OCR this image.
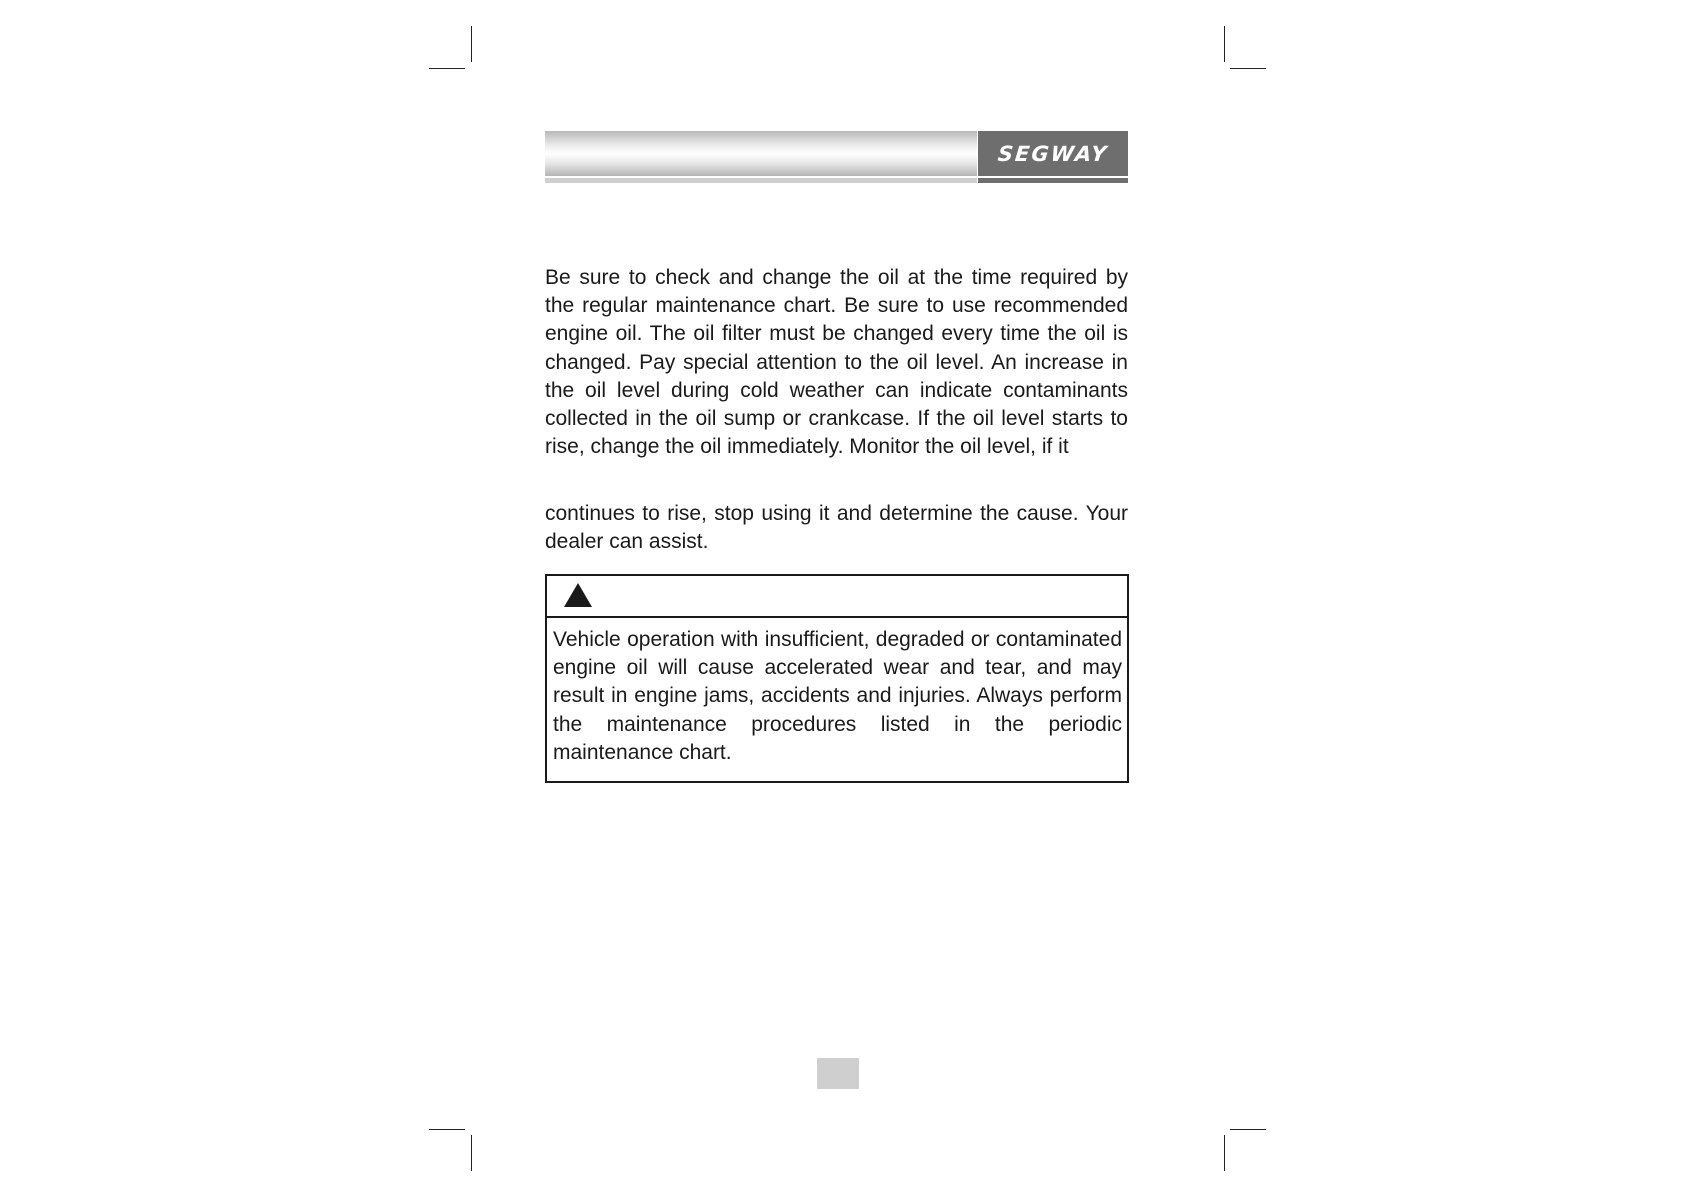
SEGWAY

Be sure to check and change the oil at the time required by the regular maintenance chart. Be sure to use recommended engine oil. The oil filter must be changed every time the oil is changed. Pay special attention to the oil level. An increase in the oil level during cold weather can indicate contaminants collected in the oil sump or crankcase. If the oil level starts to rise, change the oil immediately. Monitor the oil level, if it

continues to rise, stop using it and determine the cause. Your dealer can assist.

Vehicle operation with insufficient, degraded or contaminated engine oil will cause accelerated wear and tear, and may result in engine jams, accidents and injuries. Always perform the maintenance procedures listed in the periodic maintenance chart.
